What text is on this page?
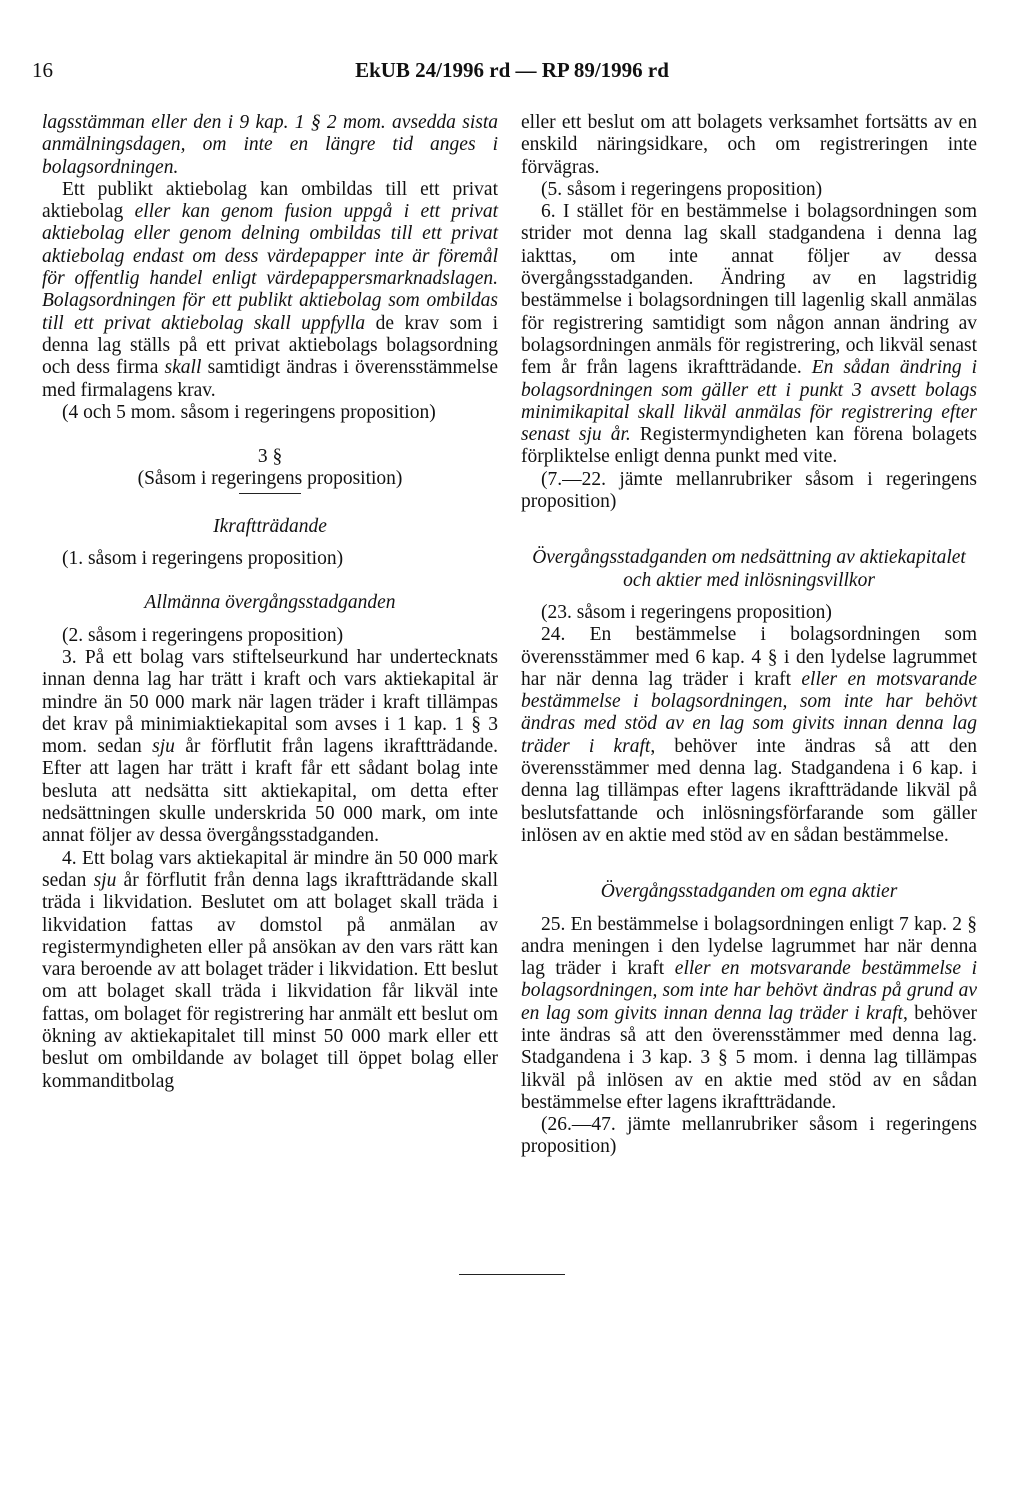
16	EkUB 24/1996 rd — RP 89/1996 rd

lagsstämman eller den i 9 kap. 1 § 2 mom. avsedda sista anmälningsdagen, om inte en längre tid anges i bolagsordningen.

Ett publikt aktiebolag kan ombildas till ett privat aktiebolag eller kan genom fusion uppgå i ett privat aktiebolag eller genom delning ombildas till ett privat aktiebolag endast om dess värdepapper inte är föremål för offentlig handel enligt värdepappersmarknadslagen. Bolagsordningen för ett publikt aktiebolag som ombildas till ett privat aktiebolag skall uppfylla de krav som i denna lag ställs på ett privat aktiebolags bolagsordning och dess firma skall samtidigt ändras i överensstämmelse med firmalagens krav.

(4 och 5 mom. såsom i regeringens proposition)

3 §

(Såsom i regeringens proposition)

Ikraftträdande

(1. såsom i regeringens proposition)

Allmänna övergångsstadganden

(2. såsom i regeringens proposition)

3. På ett bolag vars stiftelseurkund har undertecknats innan denna lag har trätt i kraft och vars aktiekapital är mindre än 50 000 mark när lagen träder i kraft tillämpas det krav på minimiaktiekapital som avses i 1 kap. 1 § 3 mom. sedan sju år förflutit från lagens ikraftträdande. Efter att lagen har trätt i kraft får ett sådant bolag inte besluta att nedsätta sitt aktiekapital, om detta efter nedsättningen skulle underskrida 50 000 mark, om inte annat följer av dessa övergångsstadganden.

4. Ett bolag vars aktiekapital är mindre än 50 000 mark sedan sju år förflutit från denna lags ikraftträdande skall träda i likvidation. Beslutet om att bolaget skall träda i likvidation fattas av domstol på anmälan av registermyndigheten eller på ansökan av den vars rätt kan vara beroende av att bolaget träder i likvidation. Ett beslut om att bolaget skall träda i likvidation får likväl inte fattas, om bolaget för registrering har anmält ett beslut om ökning av aktiekapitalet till minst 50 000 mark eller ett beslut om ombildande av bolaget till öppet bolag eller kommanditbolag

eller ett beslut om att bolagets verksamhet fortsätts av en enskild näringsidkare, och om registreringen inte förvägras.

(5. såsom i regeringens proposition)

6. I stället för en bestämmelse i bolagsordningen som strider mot denna lag skall stadgandena i denna lag iakttas, om inte annat följer av dessa övergångsstadganden. Ändring av en lagstridig bestämmelse i bolagsordningen till lagenlig skall anmälas för registrering samtidigt som någon annan ändring av bolagsordningen anmäls för registrering, och likväl senast fem år från lagens ikraftträdande. En sådan ändring i bolagsordningen som gäller ett i punkt 3 avsett bolags minimikapital skall likväl anmälas för registrering efter senast sju år. Registermyndigheten kan förena bolagets förpliktelse enligt denna punkt med vite.

(7.—22. jämte mellanrubriker såsom i regeringens proposition)

Övergångsstadganden om nedsättning av aktiekapitalet och aktier med inlösningsvillkor

(23. såsom i regeringens proposition)

24. En bestämmelse i bolagsordningen som överensstämmer med 6 kap. 4 § i den lydelse lagrummet har när denna lag träder i kraft eller en motsvarande bestämmelse i bolagsordningen, som inte har behövt ändras med stöd av en lag som givits innan denna lag träder i kraft, behöver inte ändras så att den överensstämmer med denna lag. Stadgandena i 6 kap. i denna lag tillämpas efter lagens ikraftträdande likväl på beslutsfattande och inlösningsförfarande som gäller inlösen av en aktie med stöd av en sådan bestämmelse.

Övergångsstadganden om egna aktier

25. En bestämmelse i bolagsordningen enligt 7 kap. 2 § andra meningen i den lydelse lagrummet har när denna lag träder i kraft eller en motsvarande bestämmelse i bolagsordningen, som inte har behövt ändras på grund av en lag som givits innan denna lag träder i kraft, behöver inte ändras så att den överensstämmer med denna lag. Stadgandena i 3 kap. 3 § 5 mom. i denna lag tillämpas likväl på inlösen av en aktie med stöd av en sådan bestämmelse efter lagens ikraftträdande.

(26.—47. jämte mellanrubriker såsom i regeringens proposition)
